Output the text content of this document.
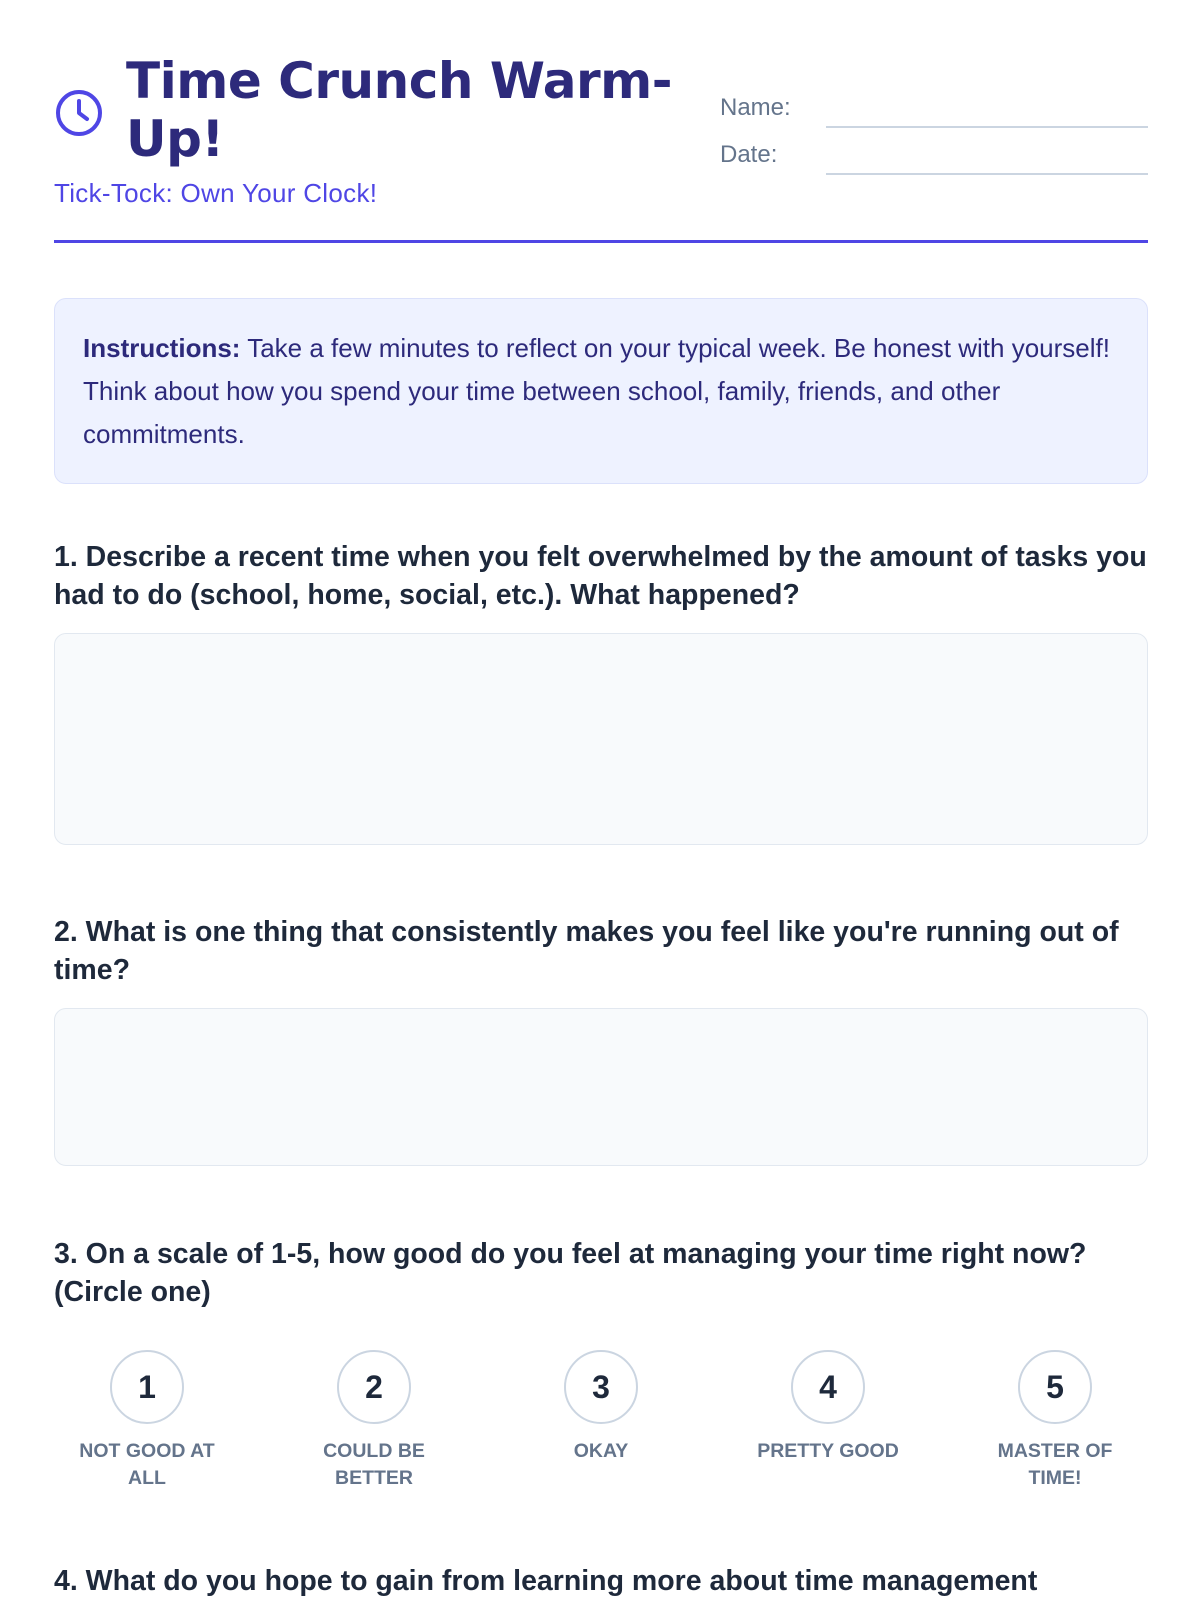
Time Crunch Warm-Up!

Tick-Tock: Own Your Clock!

Name:
Date:
Instructions: Take a few minutes to reflect on your typical week. Be honest with yourself! Think about how you spend your time between school, family, friends, and other commitments.

1. Describe a recent time when you felt overwhelmed by the amount of tasks you had to do (school, home, social, etc.). What happened?

2. What is one thing that consistently makes you feel like you're running out of time?

3. On a scale of 1-5, how good do you feel at managing your time right now? (Circle one)

1
NOT GOOD AT ALL
2
COULD BE BETTER
3
OKAY
4
PRETTY GOOD
5
MASTER OF TIME!

4. What do you hope to gain from learning more about time management
